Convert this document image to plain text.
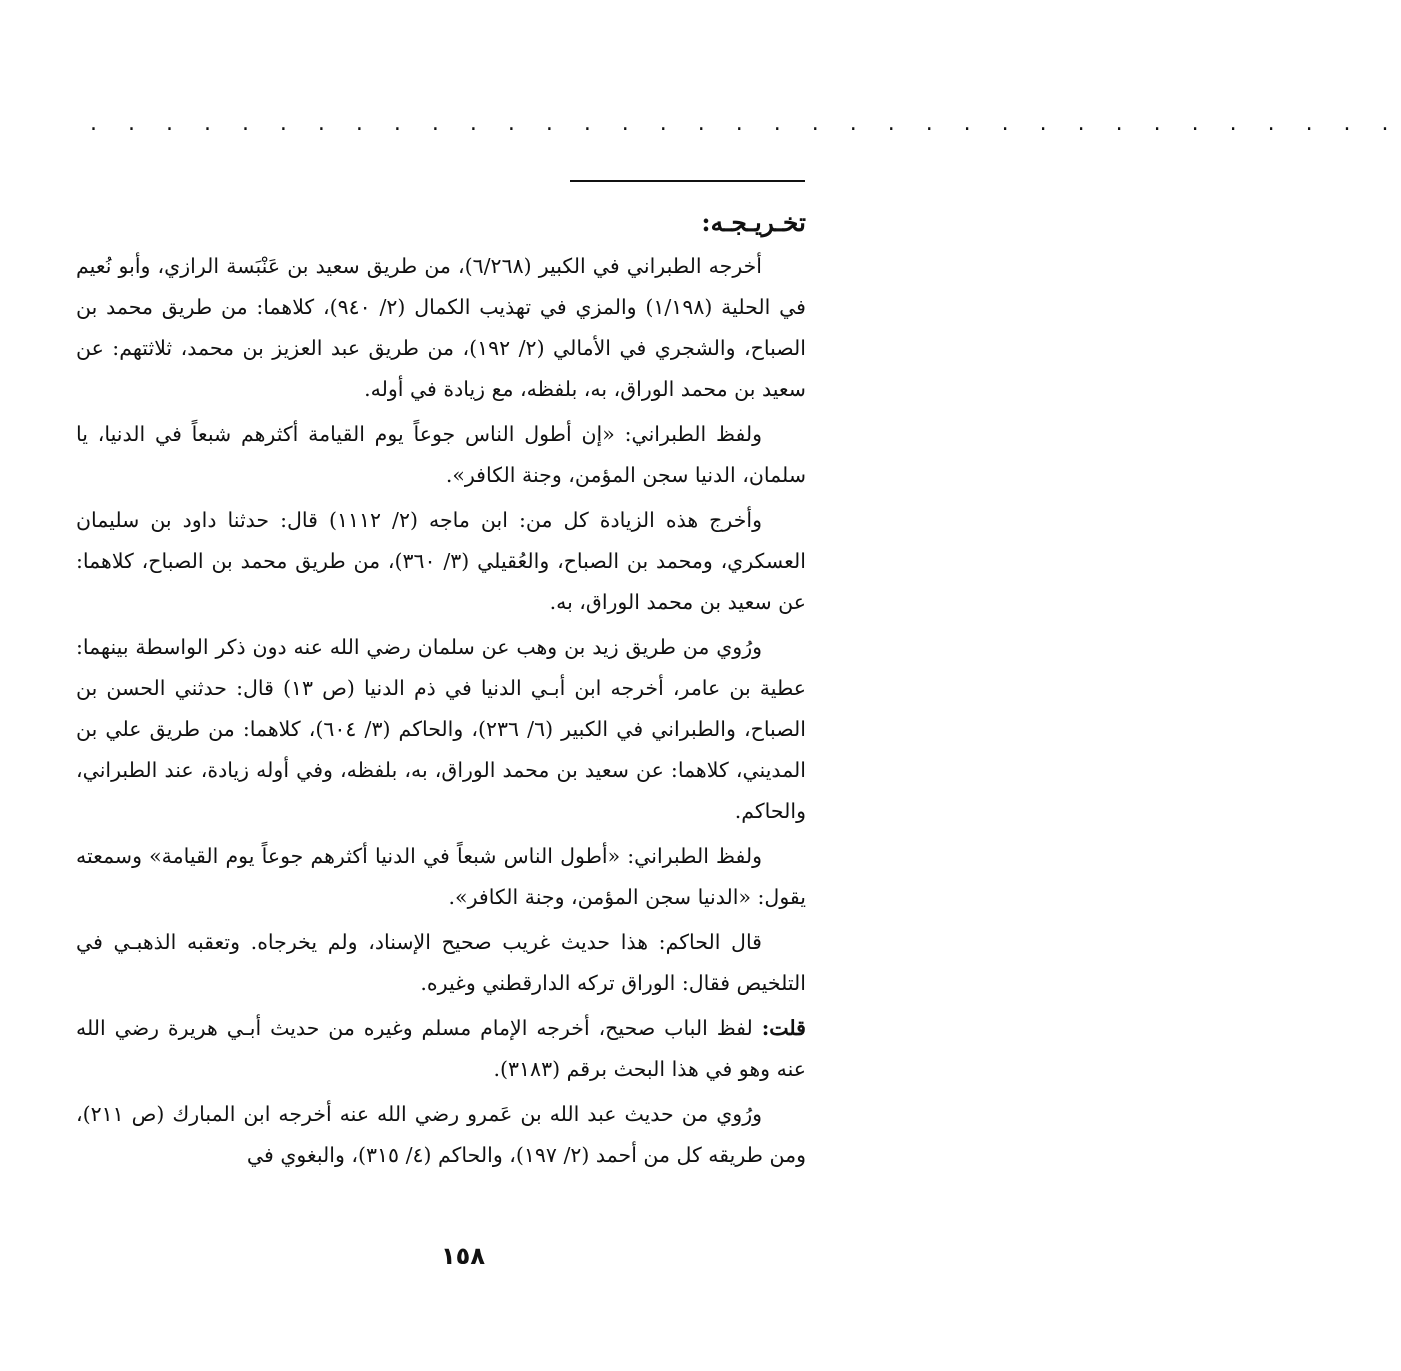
. . . . . . . . . . . . . . . . . . . . . . . . . . . . . . . . . . .
تخـريـجـه:

أخرجه الطبراني في الكبير (٦/٢٦٨)، من طريق سعيد بن عَنْبَسة الرازي، وأبو نُعيم في الحلية (١/١٩٨) والمزي في تهذيب الكمال (٢/ ٩٤٠)، كلاهما: من طريق محمد بن الصباح، والشجري في الأمالي (٢/ ١٩٢)، من طريق عبد العزيز بن محمد، ثلاثتهم: عن سعيد بن محمد الوراق، به، بلفظه، مع زيادة في أوله.

ولفظ الطبراني: «إن أطول الناس جوعاً يوم القيامة أكثرهم شبعاً في الدنيا، يا سلمان، الدنيا سجن المؤمن، وجنة الكافر».

وأخرج هذه الزيادة كل من: ابن ماجه (٢/ ١١١٢) قال: حدثنا داود بن سليمان العسكري، ومحمد بن الصباح، والعُقيلي (٣/ ٣٦٠)، من طريق محمد بن الصباح، كلاهما: عن سعيد بن محمد الوراق، به.

ورُوي من طريق زيد بن وهب عن سلمان رضي الله عنه دون ذكر الواسطة بينهما: عطية بن عامر، أخرجه ابن أبـي الدنيا في ذم الدنيا (ص ١٣) قال: حدثني الحسن بن الصباح، والطبراني في الكبير (٦/ ٢٣٦)، والحاكم (٣/ ٦٠٤)، كلاهما: من طريق علي بن المديني، كلاهما: عن سعيد بن محمد الوراق، به، بلفظه، وفي أوله زيادة، عند الطبراني، والحاكم.

ولفظ الطبراني: «أطول الناس شبعاً في الدنيا أكثرهم جوعاً يوم القيامة» وسمعته يقول: «الدنيا سجن المؤمن، وجنة الكافر».

قال الحاكم: هذا حديث غريب صحيح الإسناد، ولم يخرجاه. وتعقبه الذهبـي في التلخيص فقال: الوراق تركه الدارقطني وغيره.

قلت: لفظ الباب صحيح، أخرجه الإمام مسلم وغيره من حديث أبـي هريرة رضي الله عنه وهو في هذا البحث برقم (٣١٨٣).

ورُوي من حديث عبد الله بن عَمرو رضي الله عنه أخرجه ابن المبارك (ص ٢١١)، ومن طريقه كل من أحمد (٢/ ١٩٧)، والحاكم (٤/ ٣١٥)، والبغوي في

١٥٨
